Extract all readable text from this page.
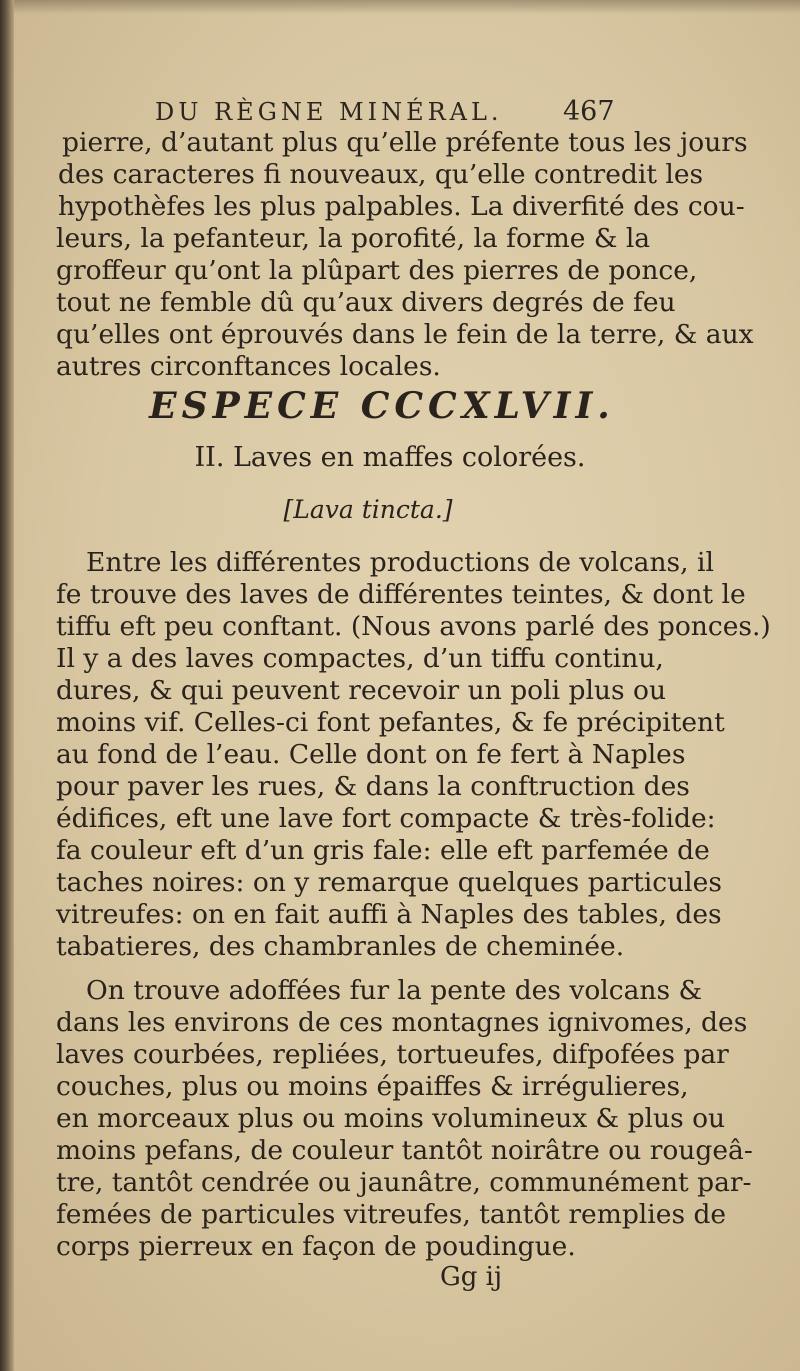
DU RÈGNE MINÉRAL. 467
pierre, d’autant plus qu’elle préfente tous les jours
des caracteres fi nouveaux, qu’elle contredit les
hypothèfes les plus palpables. La diverfité des cou-
leurs, la pefanteur, la porofité, la forme & la
groffeur qu’ont la plûpart des pierres de ponce,
tout ne femble dû qu’aux divers degrés de feu
qu’elles ont éprouvés dans le fein de la terre, & aux
autres circonftances locales.
ESPECE CCCXLVII.
II. Laves en maffes colorées.
[Lava tincta.]
Entre les différentes productions de volcans, il
fe trouve des laves de différentes teintes, & dont le
tiffu eft peu conftant. (Nous avons parlé des ponces.)
Il y a des laves compactes, d’un tiffu continu,
dures, & qui peuvent recevoir un poli plus ou
moins vif. Celles-ci font pefantes, & fe précipitent
au fond de l’eau. Celle dont on fe fert à Naples
pour paver les rues, & dans la conftruction des
édifices, eft une lave fort compacte & très-folide:
fa couleur eft d’un gris fale: elle eft parfemée de
taches noires: on y remarque quelques particules
vitreufes: on en fait auffi à Naples des tables, des
tabatieres, des chambranles de cheminée.
On trouve adoffées fur la pente des volcans &
dans les environs de ces montagnes ignivomes, des
laves courbées, repliées, tortueufes, difpofées par
couches, plus ou moins épaiffes & irrégulieres,
en morceaux plus ou moins volumineux & plus ou
moins pefans, de couleur tantôt noirâtre ou rougeâ-
tre, tantôt cendrée ou jaunâtre, communément par-
femées de particules vitreufes, tantôt remplies de
corps pierreux en façon de poudingue.
Gg ij
